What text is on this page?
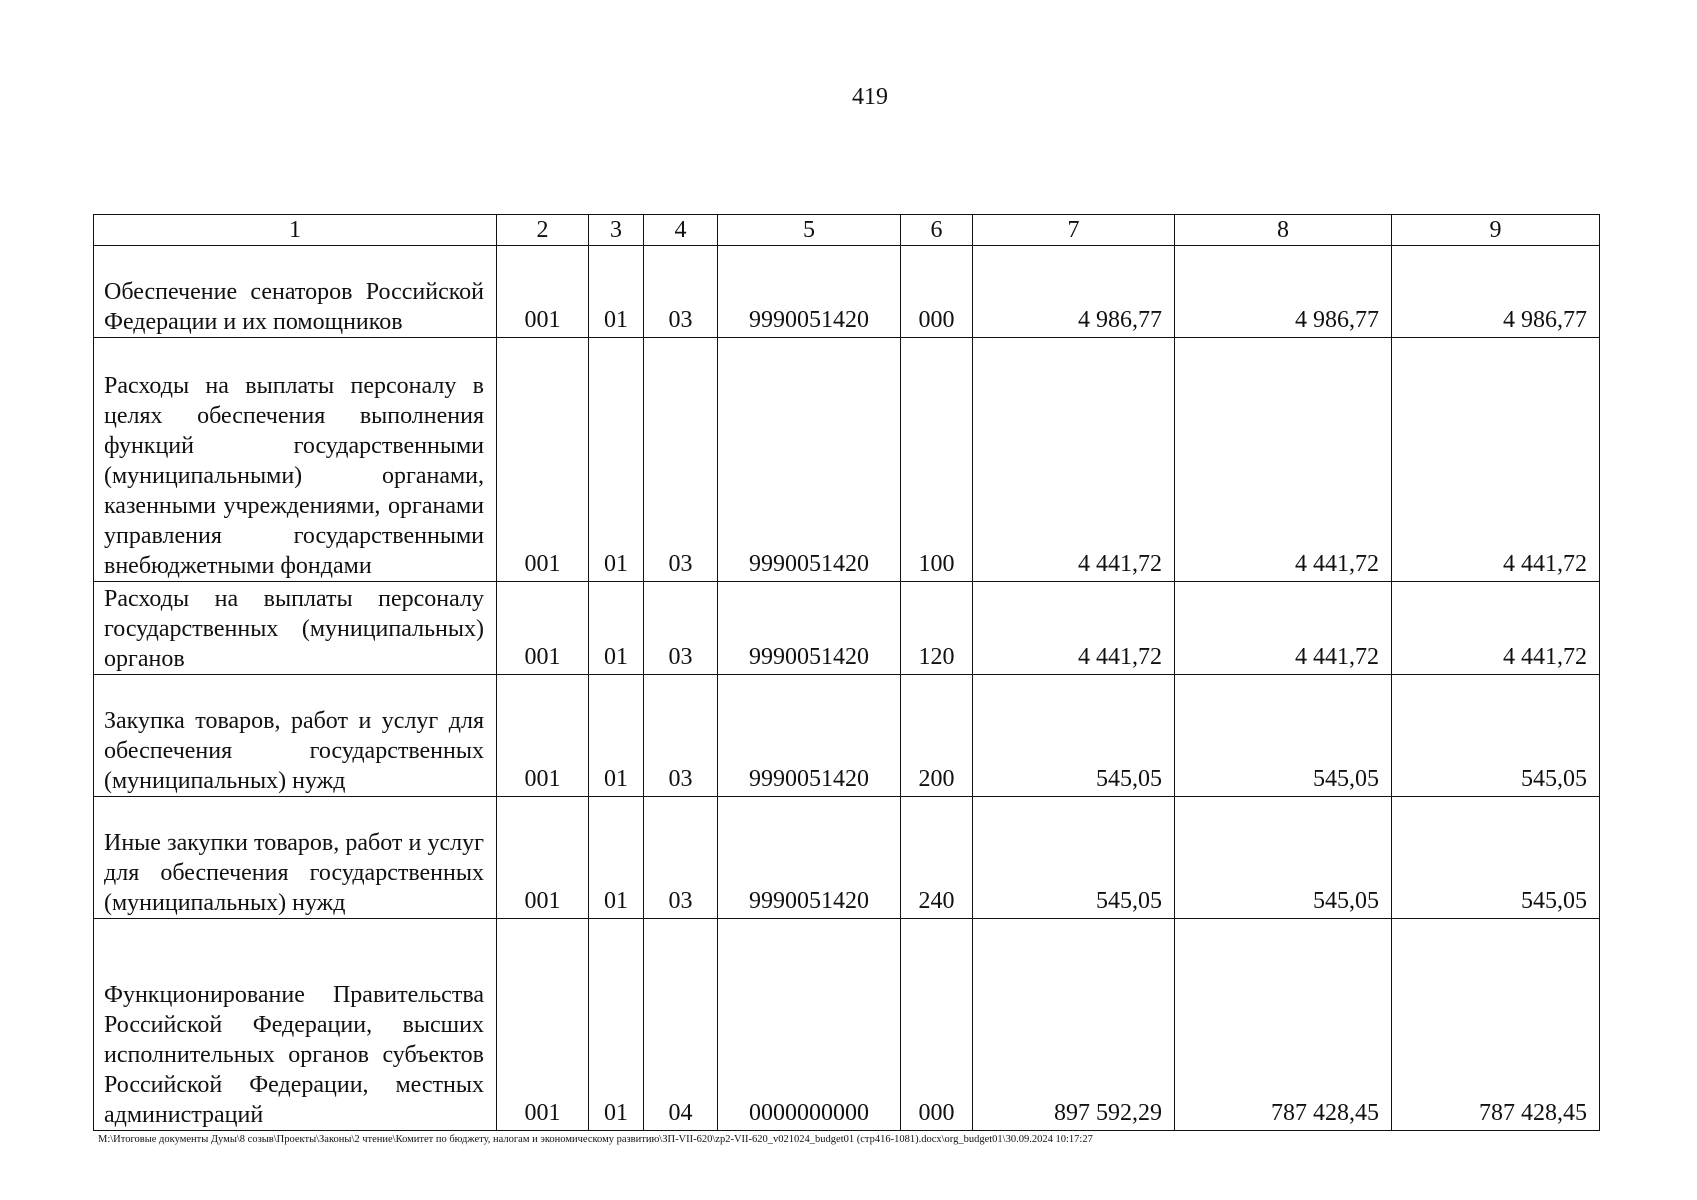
419
1	2	3	4	5	6	7	8	9
Обеспечение сенаторов Российской Федерации и их помощников	001	01	03	9990051420	000	4 986,77	4 986,77	4 986,77
Расходы на выплаты персоналу в целях обеспечения выполнения функций государственными (муниципальными) органами, казенными учреждениями, органами управления государственными внебюджетными фондами	001	01	03	9990051420	100	4 441,72	4 441,72	4 441,72
Расходы на выплаты персоналу государственных (муниципальных) органов	001	01	03	9990051420	120	4 441,72	4 441,72	4 441,72
Закупка товаров, работ и услуг для обеспечения государственных (муниципальных) нужд	001	01	03	9990051420	200	545,05	545,05	545,05
Иные закупки товаров, работ и услуг для обеспечения государственных (муниципальных) нужд	001	01	03	9990051420	240	545,05	545,05	545,05
Функционирование Правительства Российской Федерации, высших исполнительных органов субъектов Российской Федерации, местных администраций	001	01	04	0000000000	000	897 592,29	787 428,45	787 428,45
М:\Итоговые документы Думы\8 созыв\Проекты\Законы\2 чтение\Комитет по бюджету, налогам и экономическому развитию\ЗП-VII-620\zp2-VII-620_v021024_budget01 (стр416-1081).docx\org_budget01\30.09.2024 10:17:27
